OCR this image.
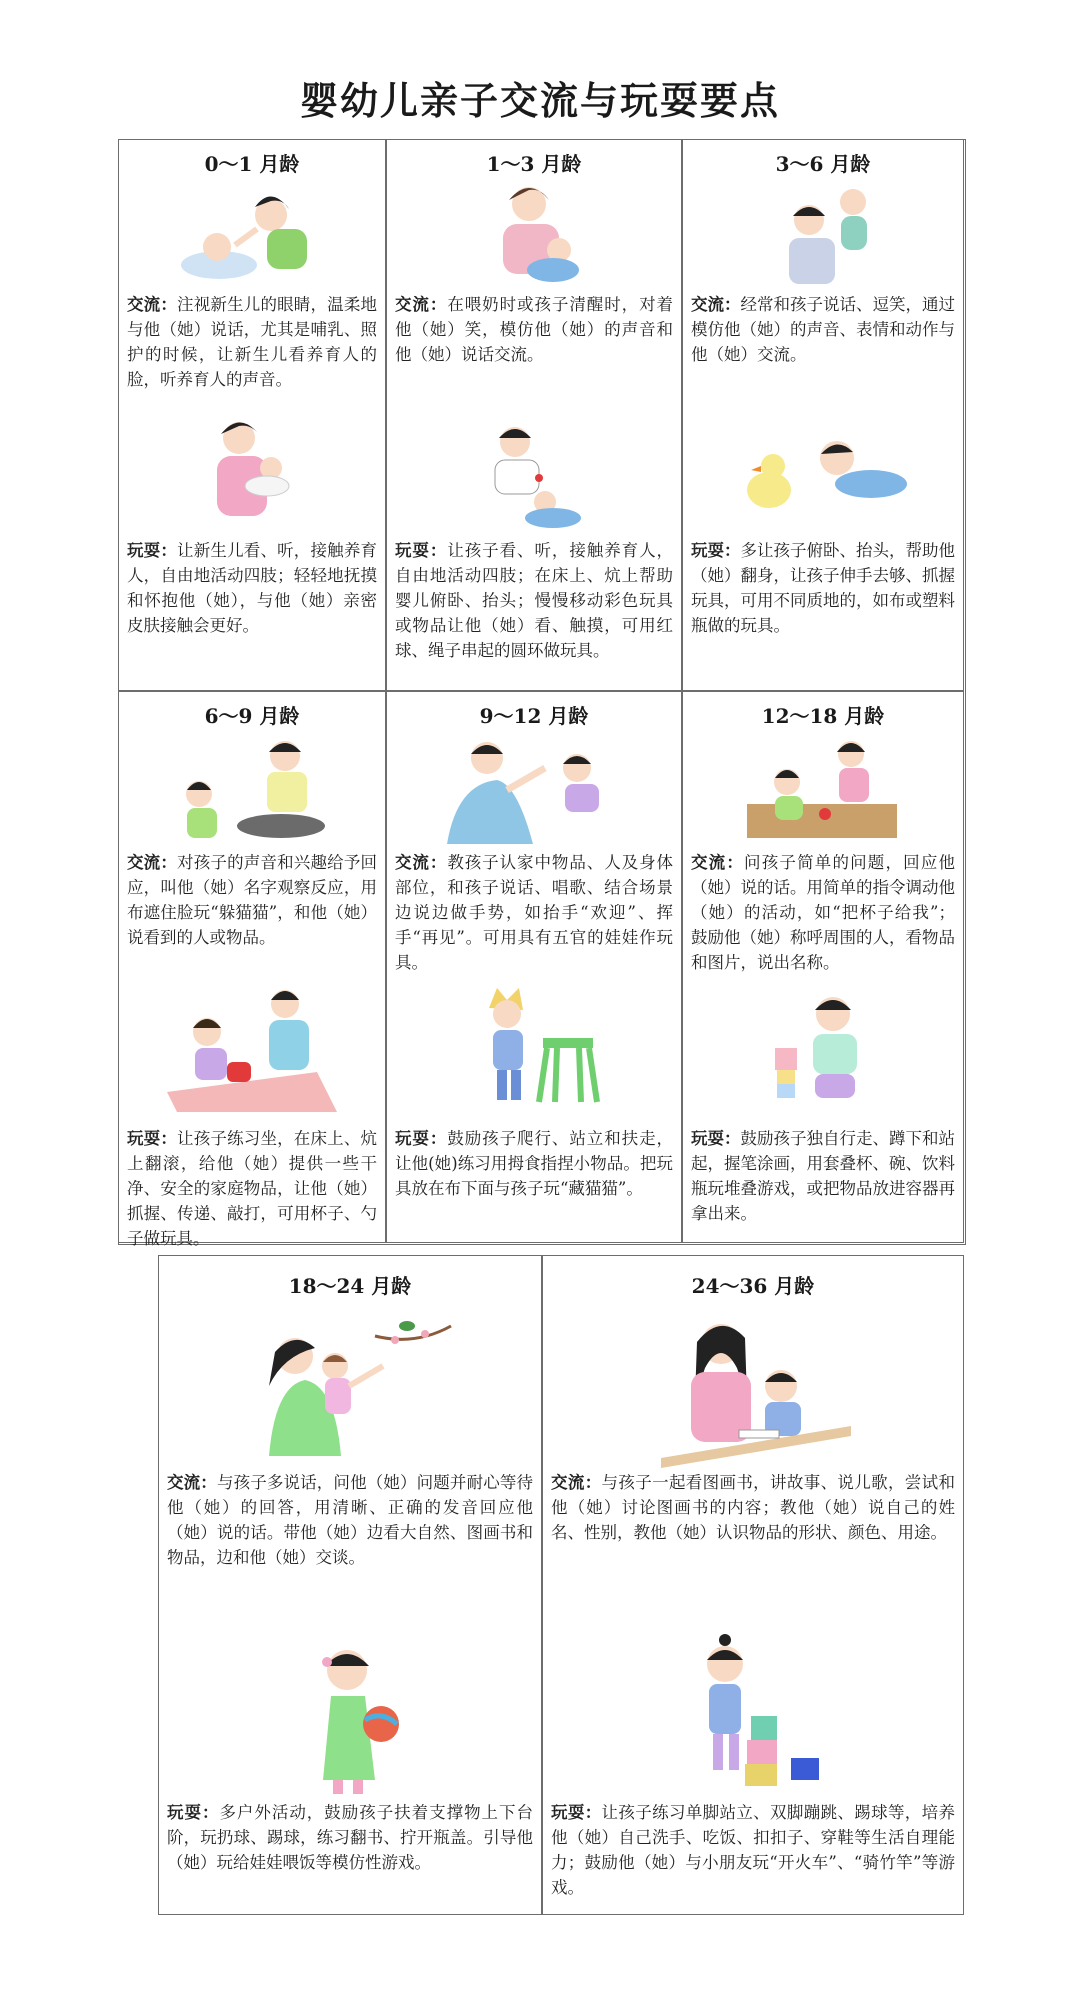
婴幼儿亲子交流与玩耍要点
0～1 月龄
交流：注视新生儿的眼睛，温柔地与他（她）说话，尤其是哺乳、照护的时候，让新生儿看养育人的脸，听养育人的声音。
玩耍：让新生儿看、听，接触养育人，自由地活动四肢；轻轻地抚摸和怀抱他（她），与他（她）亲密皮肤接触会更好。
1～3 月龄
交流：在喂奶时或孩子清醒时，对着他（她）笑，模仿他（她）的声音和他（她）说话交流。
玩耍：让孩子看、听，接触养育人，自由地活动四肢；在床上、炕上帮助婴儿俯卧、抬头；慢慢移动彩色玩具或物品让他（她）看、触摸，可用红球、绳子串起的圆环做玩具。
3～6 月龄
交流：经常和孩子说话、逗笑，通过模仿他（她）的声音、表情和动作与他（她）交流。
玩耍：多让孩子俯卧、抬头，帮助他（她）翻身，让孩子伸手去够、抓握玩具，可用不同质地的，如布或塑料瓶做的玩具。
6～9 月龄
交流：对孩子的声音和兴趣给予回应，叫他（她）名字观察反应，用布遮住脸玩“躲猫猫”，和他（她）说看到的人或物品。
玩耍：让孩子练习坐，在床上、炕上翻滚，给他（她）提供一些干净、安全的家庭物品，让他（她）抓握、传递、敲打，可用杯子、勺子做玩具。
9～12 月龄
交流：教孩子认家中物品、人及身体部位，和孩子说话、唱歌、结合场景边说边做手势，如抬手“欢迎”、挥手“再见”。可用具有五官的娃娃作玩具。
玩耍：鼓励孩子爬行、站立和扶走，让他(她)练习用拇食指捏小物品。把玩具放在布下面与孩子玩“藏猫猫”。
12～18 月龄
交流：问孩子简单的问题，回应他（她）说的话。用简单的指令调动他（她）的活动，如“把杯子给我”；鼓励他（她）称呼周围的人，看物品和图片，说出名称。
玩耍：鼓励孩子独自行走、蹲下和站起，握笔涂画，用套叠杯、碗、饮料瓶玩堆叠游戏，或把物品放进容器再拿出来。
18～24 月龄
交流：与孩子多说话，问他（她）问题并耐心等待他（她）的回答，用清晰、正确的发音回应他（她）说的话。带他（她）边看大自然、图画书和物品，边和他（她）交谈。
玩耍：多户外活动，鼓励孩子扶着支撑物上下台阶，玩扔球、踢球，练习翻书、拧开瓶盖。引导他（她）玩给娃娃喂饭等模仿性游戏。
24～36 月龄
交流：与孩子一起看图画书，讲故事、说儿歌，尝试和他（她）讨论图画书的内容；教他（她）说自己的姓名、性别，教他（她）认识物品的形状、颜色、用途。
玩耍：让孩子练习单脚站立、双脚蹦跳、踢球等，培养他（她）自己洗手、吃饭、扣扣子、穿鞋等生活自理能力；鼓励他（她）与小朋友玩“开火车”、“骑竹竿”等游戏。
